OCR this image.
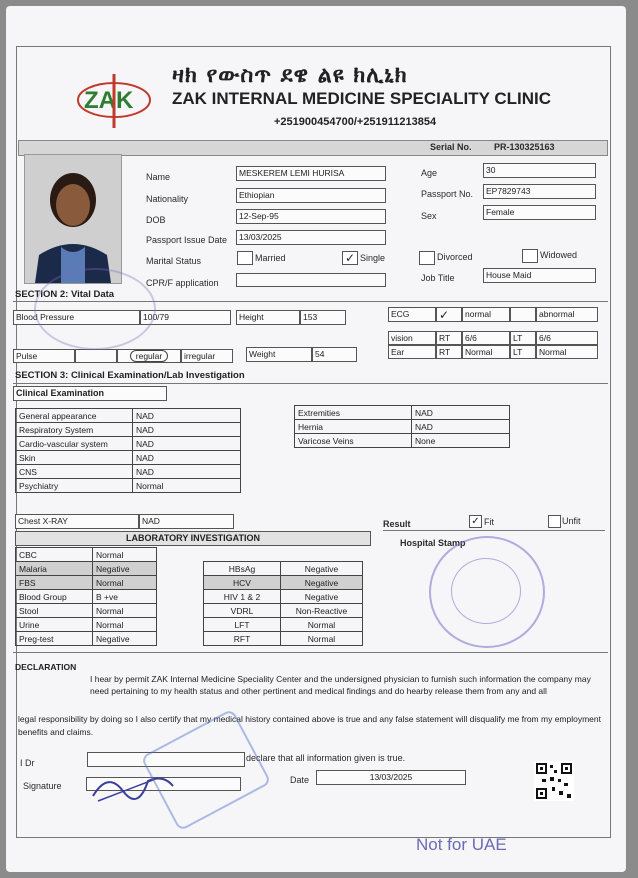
ZAK
ዛክ የውስጥ ደዌ ልዩ ክሊኒክ
ZAK INTERNAL MEDICINE SPECIALITY CLINIC
+251900454700/+251911213854
Serial No. PR-130325163
Name	MESKEREM LEMI HURISA	Age	30
Nationality	Ethiopian	Passport No.	EP7829743
DOB	12-Sep-95	Sex	Female
Passport Issue Date	13/03/2025
Marital Status	Married	✓ Single	Divorced	Widowed
CPR/F application	Job Title	House Maid
SECTION 2: Vital Data
Blood Pressure	100/79	Height	153	ECG	✓	normal	abnormal
vision	RT	6/6	LT	6/6
Ear	RT	Normal	LT	Normal
Pulse	regular	irregular	Weight	54
SECTION 3: Clinical Examination/Lab Investigation
Clinical Examination
General appearance	NAD
Respiratory System	NAD
Cardio-vascular system	NAD
Skin	NAD
CNS	NAD
Psychiatry	Normal
Extremities	NAD
Hernia	NAD
Varicose Veins	None
Chest X-RAY	NAD	Result	✓ Fit	Unfit
Hospital Stamp
LABORATORY INVESTIGATION
CBC	Normal
Malaria	Negative
FBS	Normal
Blood Group	B +ve
Stool	Normal
Urine	Normal
Preg-test	Negative
HBsAg	Negative
HCV	Negative
HIV 1 & 2	Negative
VDRL	Non-Reactive
LFT	Normal
RFT	Normal
DECLARATION
I hear by permit ZAK Internal Medicine Speciality Center and the undersigned physician to furnish such information the company may need pertaining to my health status and other pertinent and medical findings and do hearby release them from any and all
legal responsibility by doing so I also certify that my medical history contained above is true and any false statement will disqualify me from my employment benefits and claims.
I Dr	declare that all information given is true.
Signature
Date	13/03/2025
Not for UAE
